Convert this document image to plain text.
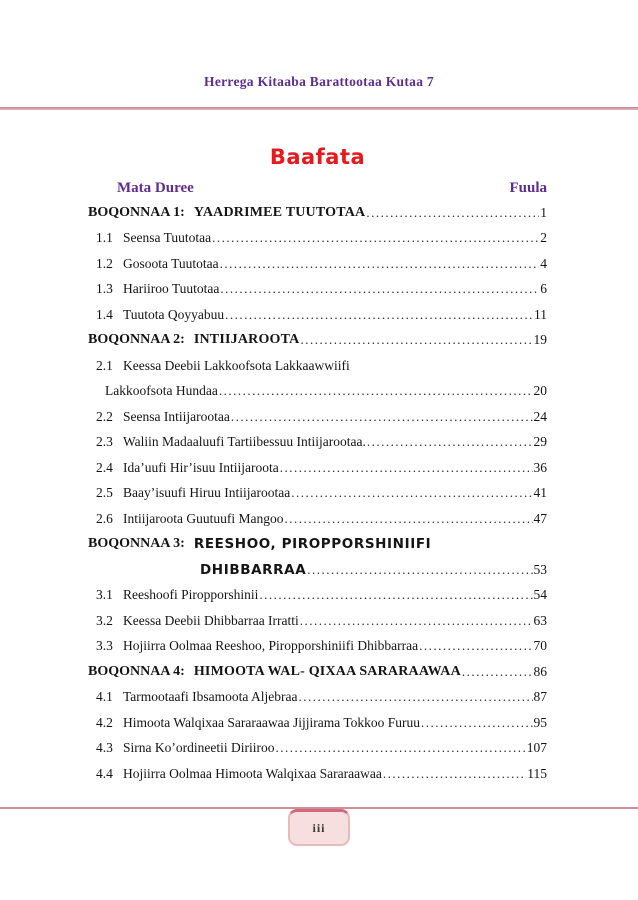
Herrega Kitaaba Barattootaa Kutaa 7
Baafata
Mata Duree	Fuula
BOQONNAA 1: YAADRIMEE TUUTOTAA .....	1
1.1 Seensa Tuutotaa .....	2
1.2 Gosoota Tuutotaa .....	4
1.3 Hariiroo Tuutotaa .....	6
1.4 Tuutota Qoyyabuu .....	11
BOQONNAA 2: INTIIJAROOTA .....	19
2.1 Keessa Deebii Lakkoofsota Lakkaawwiifi
Lakkoofsota Hundaa .....	20
2.2 Seensa Intiijarootaa .....	24
2.3 Waliin Madaaluufi Tartiibessuu Intiijarootaa. .....	29
2.4 Ida’uufi Hir’isuu Intiijaroota .....	36
2.5 Baay’isuufi Hiruu Intiijarootaa .....	41
2.6 Intiijaroota Guutuufi Mangoo .....	47
BOQONNAA 3: REESHOO, PIROPPORSHINIIFI
DHIBBARRAA .....	53
3.1 Reeshoofi Piropporshinii .....	54
3.2 Keessa Deebii Dhibbarraa Irratti .....	63
3.3 Hojiirra Oolmaa Reeshoo, Piropporshiniifi Dhibbarraa .....	70
BOQONNAA 4: HIMOOTA WAL- QIXAA SARARAAWAA .....	86
4.1 Tarmootaafi Ibsamoota Aljebraa .....	87
4.2 Himoota Walqixaa Sararaawaa Jijjirama Tokkoo Furuu .....	95
4.3 Sirna Ko’ordineetii Diriiroo .....	107
4.4 Hojiirra Oolmaa Himoota Walqixaa Sararaawaa .....	115
iii
